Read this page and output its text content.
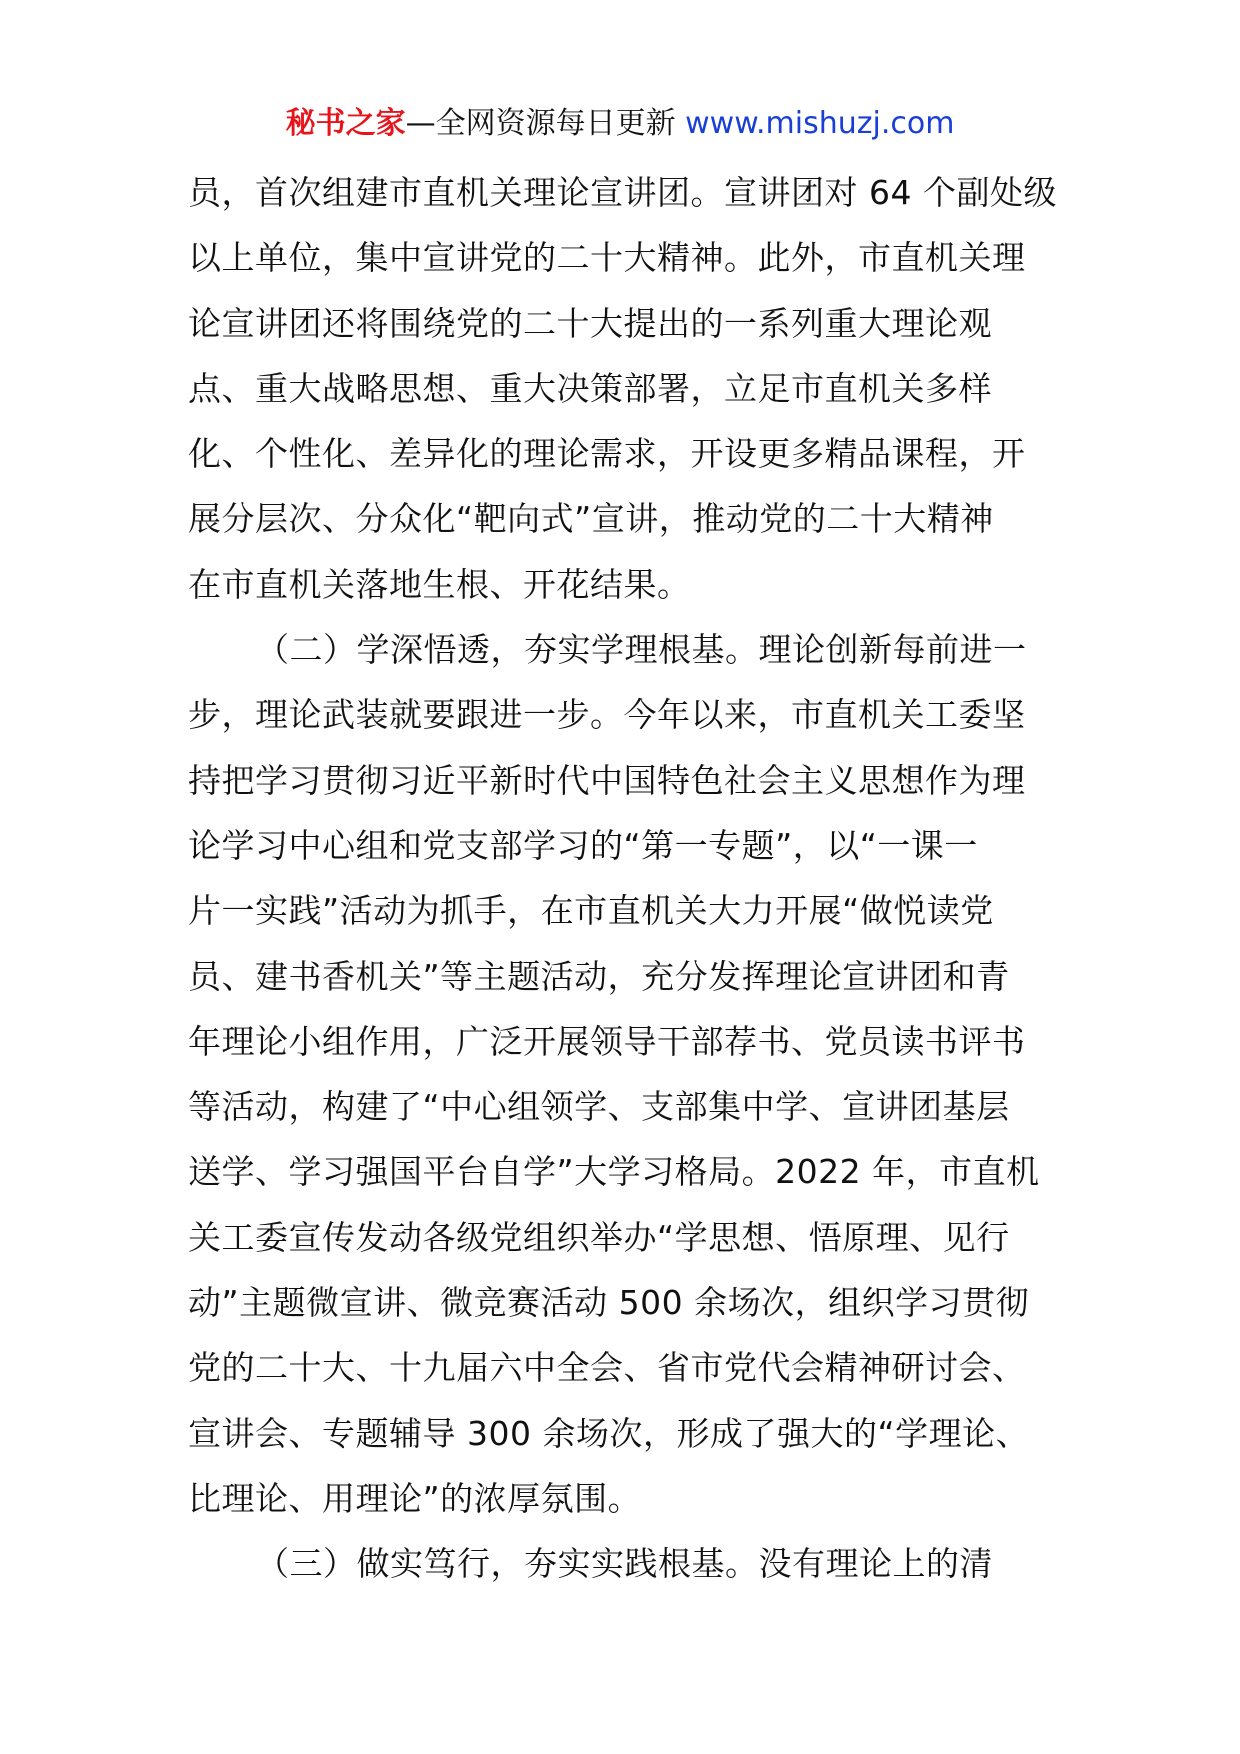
秘书之家—全网资源每日更新 www.mishuzj.com
员，首次组建市直机关理论宣讲团。宣讲团对 64 个副处级
以上单位，集中宣讲党的二十大精神。此外，市直机关理
论宣讲团还将围绕党的二十大提出的一系列重大理论观
点、重大战略思想、重大决策部署，立足市直机关多样
化、个性化、差异化的理论需求，开设更多精品课程，开
展分层次、分众化“靶向式”宣讲，推动党的二十大精神
在市直机关落地生根、开花结果。
（二）学深悟透，夯实学理根基。理论创新每前进一
步，理论武装就要跟进一步。今年以来，市直机关工委坚
持把学习贯彻习近平新时代中国特色社会主义思想作为理
论学习中心组和党支部学习的“第一专题”，以“一课一
片一实践”活动为抓手，在市直机关大力开展“做悦读党
员、建书香机关”等主题活动，充分发挥理论宣讲团和青
年理论小组作用，广泛开展领导干部荐书、党员读书评书
等活动，构建了“中心组领学、支部集中学、宣讲团基层
送学、学习强国平台自学”大学习格局。2022 年，市直机
关工委宣传发动各级党组织举办“学思想、悟原理、见行
动”主题微宣讲、微竞赛活动 500 余场次，组织学习贯彻
党的二十大、十九届六中全会、省市党代会精神研讨会、
宣讲会、专题辅导 300 余场次，形成了强大的“学理论、
比理论、用理论”的浓厚氛围。
（三）做实笃行，夯实实践根基。没有理论上的清
